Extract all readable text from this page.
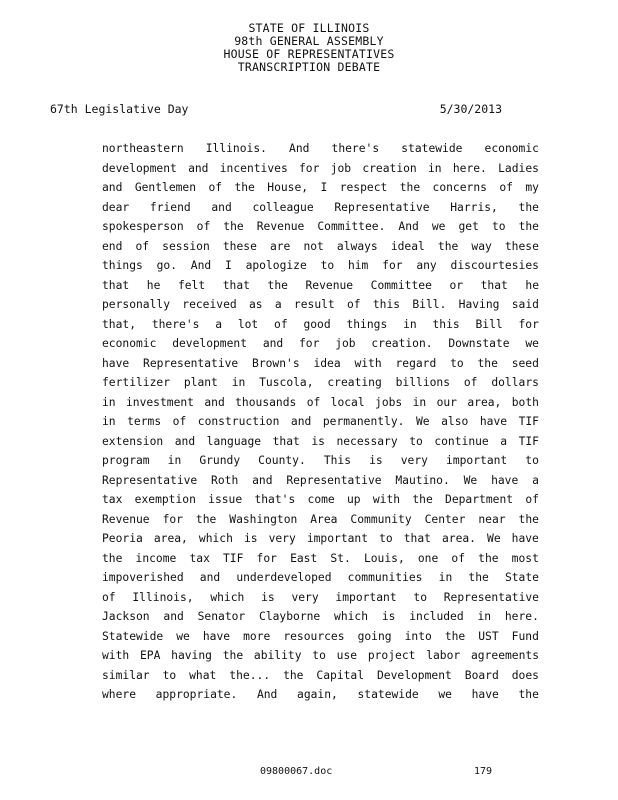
STATE OF ILLINOIS
98th GENERAL ASSEMBLY
HOUSE OF REPRESENTATIVES
TRANSCRIPTION DEBATE
67th Legislative Day	5/30/2013
northeastern Illinois. And there's statewide economic
development and incentives for job creation in here. Ladies
and Gentlemen of the House, I respect the concerns of my
dear friend and colleague Representative Harris, the
spokesperson of the Revenue Committee. And we get to the
end of session these are not always ideal the way these
things go. And I apologize to him for any discourtesies
that he felt that the Revenue Committee or that he
personally received as a result of this Bill. Having said
that, there's a lot of good things in this Bill for
economic development and for job creation. Downstate we
have Representative Brown's idea with regard to the seed
fertilizer plant in Tuscola, creating billions of dollars
in investment and thousands of local jobs in our area, both
in terms of construction and permanently. We also have TIF
extension and language that is necessary to continue a TIF
program in Grundy County. This is very important to
Representative Roth and Representative Mautino. We have a
tax exemption issue that's come up with the Department of
Revenue for the Washington Area Community Center near the
Peoria area, which is very important to that area. We have
the income tax TIF for East St. Louis, one of the most
impoverished and underdeveloped communities in the State
of Illinois, which is very important to Representative
Jackson and Senator Clayborne which is included in here.
Statewide we have more resources going into the UST Fund
with EPA having the ability to use project labor agreements
similar to what the... the Capital Development Board does
where appropriate. And again, statewide we have the
09800067.doc	179
